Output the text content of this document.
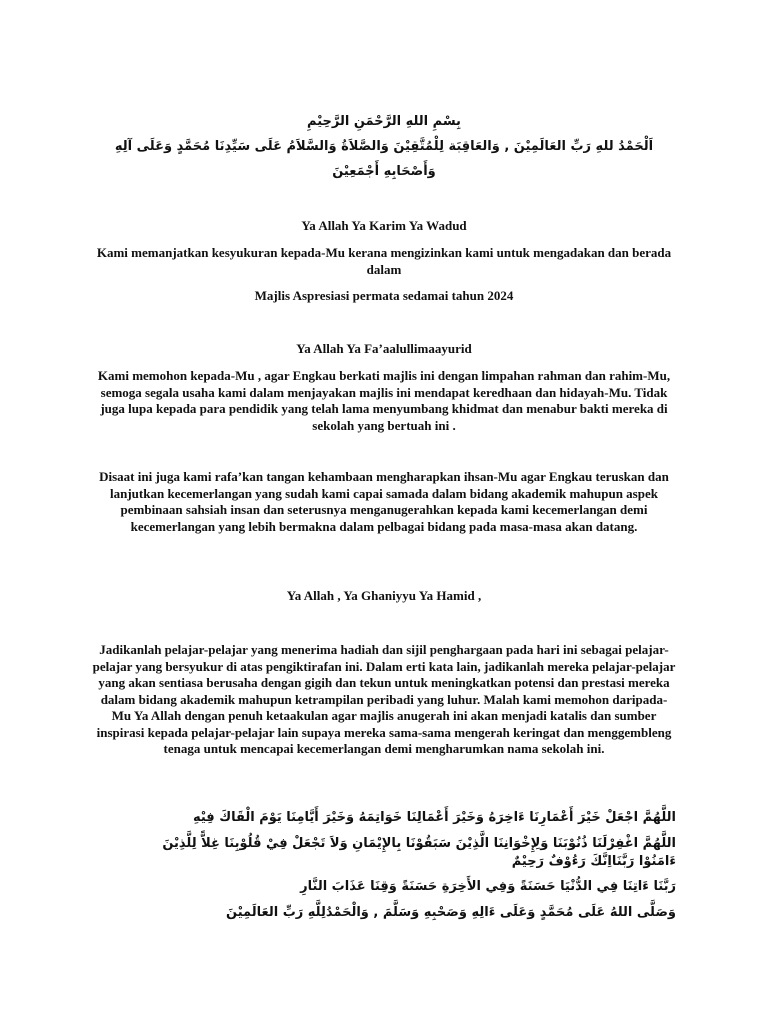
بِسْمِ اللهِ الرَّحْمَنِ الرَّحِيْمِ

اَلْحَمْدُ للهِ رَبِّ العَالَمِيْنَ , وَالعَاقِبَة لِلْمُتَّقِيْنَ وَالصَّلاَةُ وَالسَّلاَمُ عَلَى سَيِّدِنَا مُحَمَّدٍ وَعَلَى آلِهِ

وَأَصْحَابِهِ أَجْمَعِيْنَ

Ya Allah Ya Karim Ya Wadud

Kami memanjatkan kesyukuran kepada-Mu kerana mengizinkan kami untuk mengadakan dan berada dalam

Majlis Aspresiasi permata sedamai tahun 2024

Ya Allah Ya Fa’aalullimaayurid

Kami memohon kepada-Mu , agar Engkau berkati majlis ini dengan limpahan rahman dan rahim-Mu, semoga segala usaha kami dalam menjayakan majlis ini mendapat keredhaan dan hidayah-Mu. Tidak juga lupa kepada para pendidik yang telah lama menyumbang khidmat dan menabur bakti mereka di sekolah yang bertuah ini .

Disaat ini juga kami rafa’kan tangan kehambaan mengharapkan ihsan-Mu agar Engkau teruskan dan lanjutkan kecemerlangan yang sudah kami capai samada dalam bidang akademik mahupun aspek pembinaan sahsiah insan dan seterusnya menganugerahkan kepada kami kecemerlangan demi kecemerlangan yang lebih bermakna dalam pelbagai bidang pada masa-masa akan datang.

Ya Allah , Ya Ghaniyyu Ya Hamid ,

Jadikanlah pelajar-pelajar yang menerima hadiah dan sijil penghargaan pada hari ini sebagai pelajar-pelajar yang bersyukur di atas pengiktirafan ini. Dalam erti kata lain, jadikanlah mereka pelajar-pelajar yang akan sentiasa berusaha dengan gigih dan tekun untuk meningkatkan potensi dan prestasi mereka dalam bidang akademik mahupun ketrampilan peribadi yang luhur. Malah kami memohon daripada-Mu Ya Allah dengan penuh ketaakulan agar majlis anugerah ini akan menjadi katalis dan sumber inspirasi kepada pelajar-pelajar lain supaya mereka sama-sama mengerah keringat dan menggembleng tenaga untuk mencapai kecemerlangan demi mengharumkan nama sekolah ini.

اللَّهُمَّ اجْعَلْ خَيْرَ أَعْمَارِنَا ءَاخِرَهُ وَخَيْرَ أَعْمَالِنَا خَوَاتِمَهُ وَخَيْرَ أَيَّامِنَا يَوْمَ الْقَاكَ فِيْهِ

اللَّهُمَّ اغْفِرْلَنَا ذُنُوْبَنَا وَلِإِخْوَانِنَا الَّذِيْنَ سَبَقُوْنَا بِالإِيْمَانِ وَلاَ تَجْعَلْ فِيْ قُلُوْبِنَا غِلاًّ لِلَّذِيْنَ

ءَامَنُوْا رَبَّنَااِنَّكَ رَءُوْفٌ رَحِيْمٌ

رَبَّنَا ءَاتِنَا فِي الدُّنْيَا حَسَنَةً وَفِي الأَخِرَةِ حَسَنَةً وَقِنَا عَذَابَ النَّارِ

وَصَلَّى اللهُ عَلَى مُحَمَّدٍ وَعَلَى ءَالِهِ وَصَحْبِهِ وَسَلَّمَ , وَالْحَمْدُلِلَّهِ رَبِّ العَالَمِيْنَ
